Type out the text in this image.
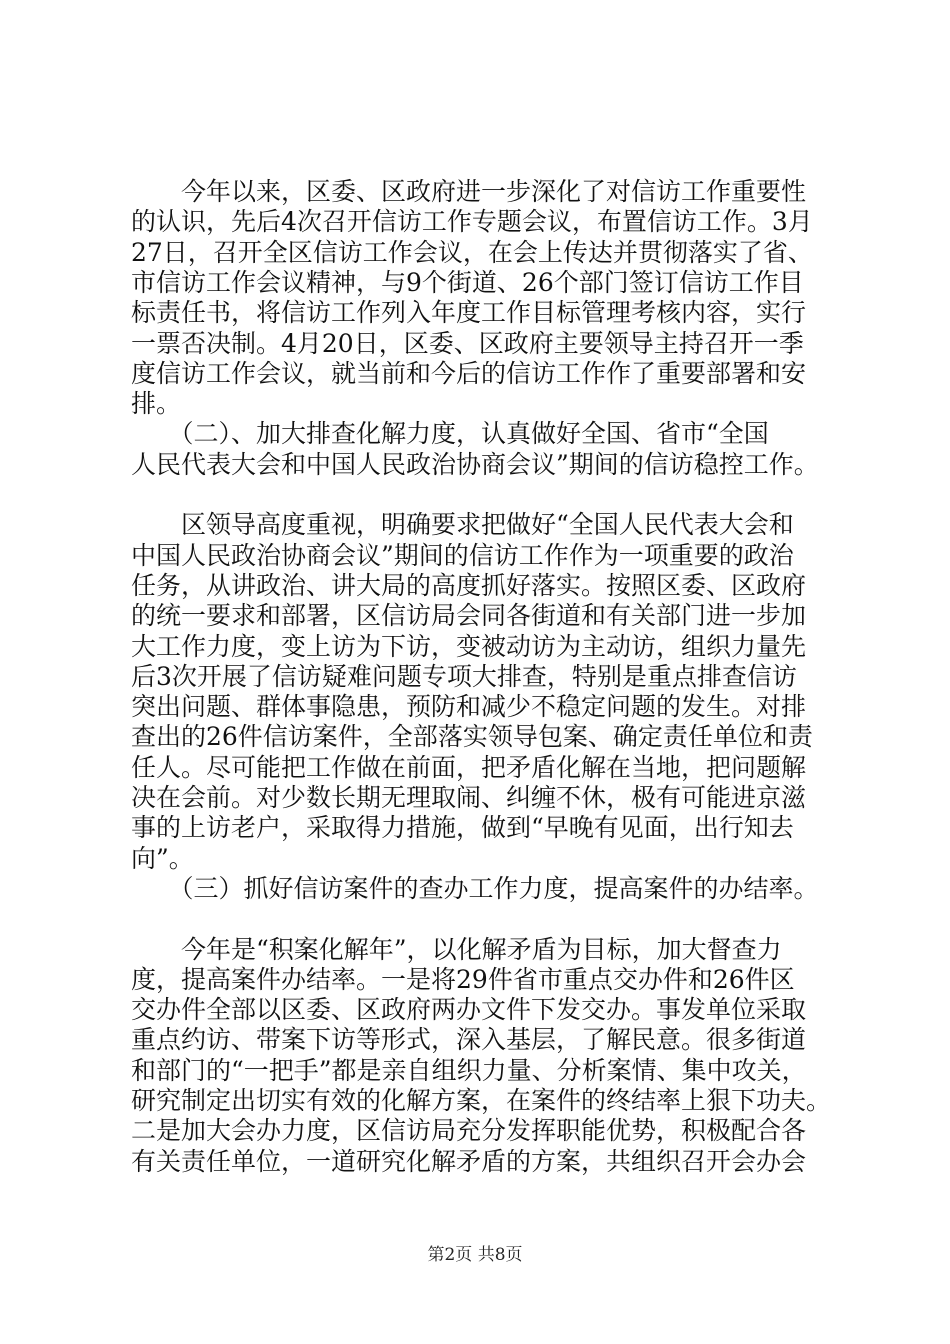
　　今年以来，区委、区政府进一步深化了对信访工作重要性
的认识，先后4次召开信访工作专题会议，布置信访工作。3月
27日，召开全区信访工作会议，在会上传达并贯彻落实了省、
市信访工作会议精神，与9个街道、26个部门签订信访工作目
标责任书，将信访工作列入年度工作目标管理考核内容，实行
一票否决制。4月20日，区委、区政府主要领导主持召开一季
度信访工作会议，就当前和今后的信访工作作了重要部署和安
排。
　　（二）、加大排查化解力度，认真做好全国、省市“全国
人民代表大会和中国人民政治协商会议”期间的信访稳控工作。
　　区领导高度重视，明确要求把做好“全国人民代表大会和
中国人民政治协商会议”期间的信访工作作为一项重要的政治
任务，从讲政治、讲大局的高度抓好落实。按照区委、区政府
的统一要求和部署，区信访局会同各街道和有关部门进一步加
大工作力度，变上访为下访，变被动访为主动访，组织力量先
后3次开展了信访疑难问题专项大排查，特别是重点排查信访
突出问题、群体事隐患，预防和减少不稳定问题的发生。对排
查出的26件信访案件，全部落实领导包案、确定责任单位和责
任人。尽可能把工作做在前面，把矛盾化解在当地，把问题解
决在会前。对少数长期无理取闹、纠缠不休，极有可能进京滋
事的上访老户，采取得力措施，做到“早晚有见面，出行知去
向”。
　　（三）抓好信访案件的查办工作力度，提高案件的办结率。
　　今年是“积案化解年”，以化解矛盾为目标，加大督查力
度，提高案件办结率。一是将29件省市重点交办件和26件区
交办件全部以区委、区政府两办文件下发交办。事发单位采取
重点约访、带案下访等形式，深入基层，了解民意。很多街道
和部门的“一把手”都是亲自组织力量、分析案情、集中攻关，
研究制定出切实有效的化解方案，在案件的终结率上狠下功夫。
二是加大会办力度，区信访局充分发挥职能优势，积极配合各
有关责任单位，一道研究化解矛盾的方案，共组织召开会办会
第2页 共8页
